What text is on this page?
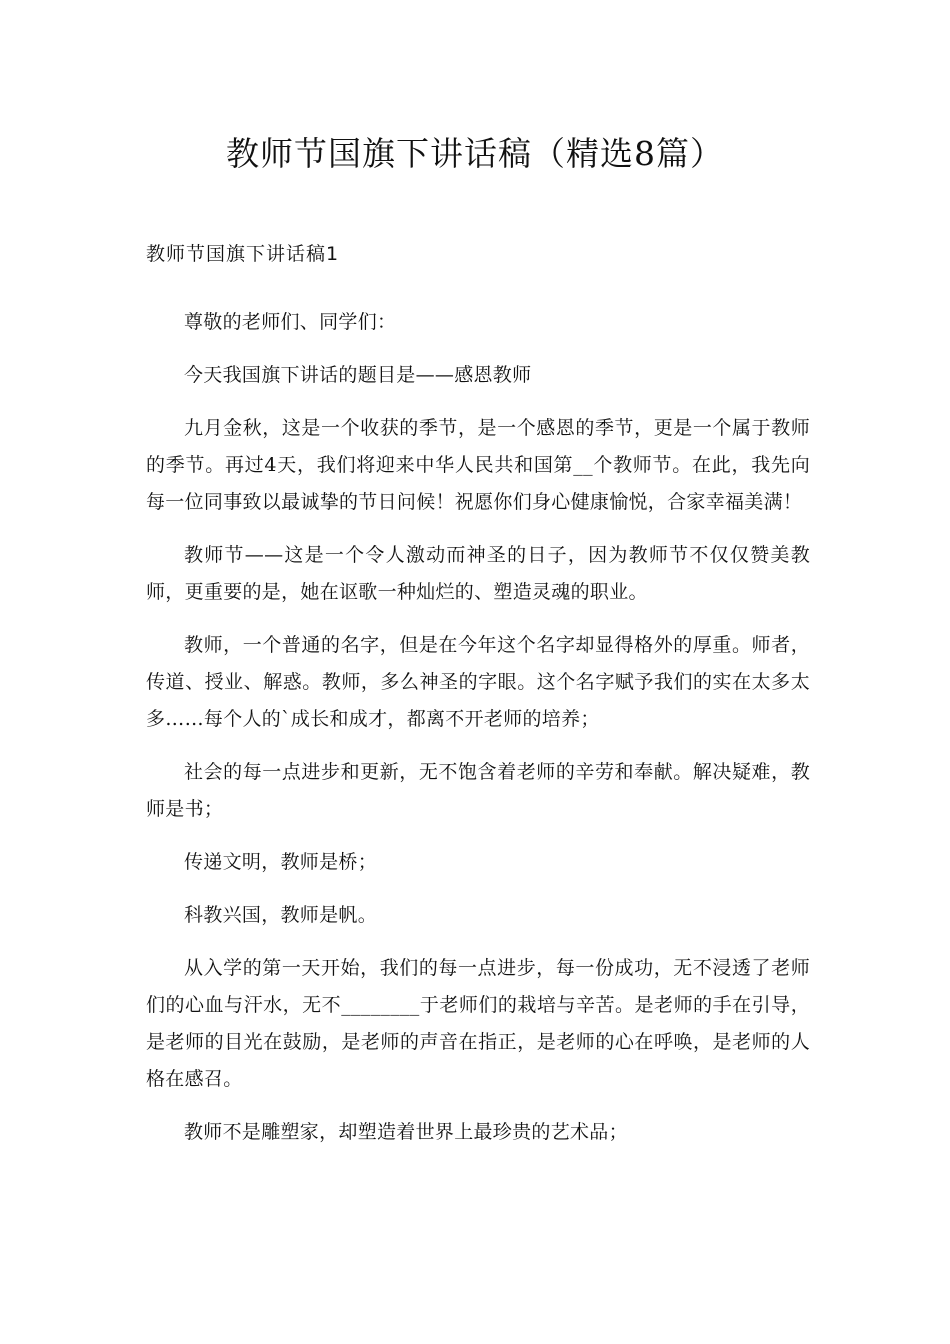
教师节国旗下讲话稿（精选8篇）
教师节国旗下讲话稿1

尊敬的老师们、同学们：

今天我国旗下讲话的题目是——感恩教师

九月金秋，这是一个收获的季节，是一个感恩的季节，更是一个属于教师的季节。再过4天，我们将迎来中华人民共和国第__个教师节。在此，我先向每一位同事致以最诚挚的节日问候！祝愿你们身心健康愉悦，合家幸福美满！

教师节——这是一个令人激动而神圣的日子，因为教师节不仅仅赞美教师，更重要的是，她在讴歌一种灿烂的、塑造灵魂的职业。

教师，一个普通的名字，但是在今年这个名字却显得格外的厚重。师者，传道、授业、解惑。教师，多么神圣的字眼。这个名字赋予我们的实在太多太多……每个人的`成长和成才，都离不开老师的培养；

社会的每一点进步和更新，无不饱含着老师的辛劳和奉献。解决疑难，教师是书；

传递文明，教师是桥；

科教兴国，教师是帆。

从入学的第一天开始，我们的每一点进步，每一份成功，无不浸透了老师们的心血与汗水，无不________于老师们的栽培与辛苦。是老师的手在引导，是老师的目光在鼓励，是老师的声音在指正，是老师的心在呼唤，是老师的人格在感召。

教师不是雕塑家，却塑造着世界上最珍贵的艺术品；
